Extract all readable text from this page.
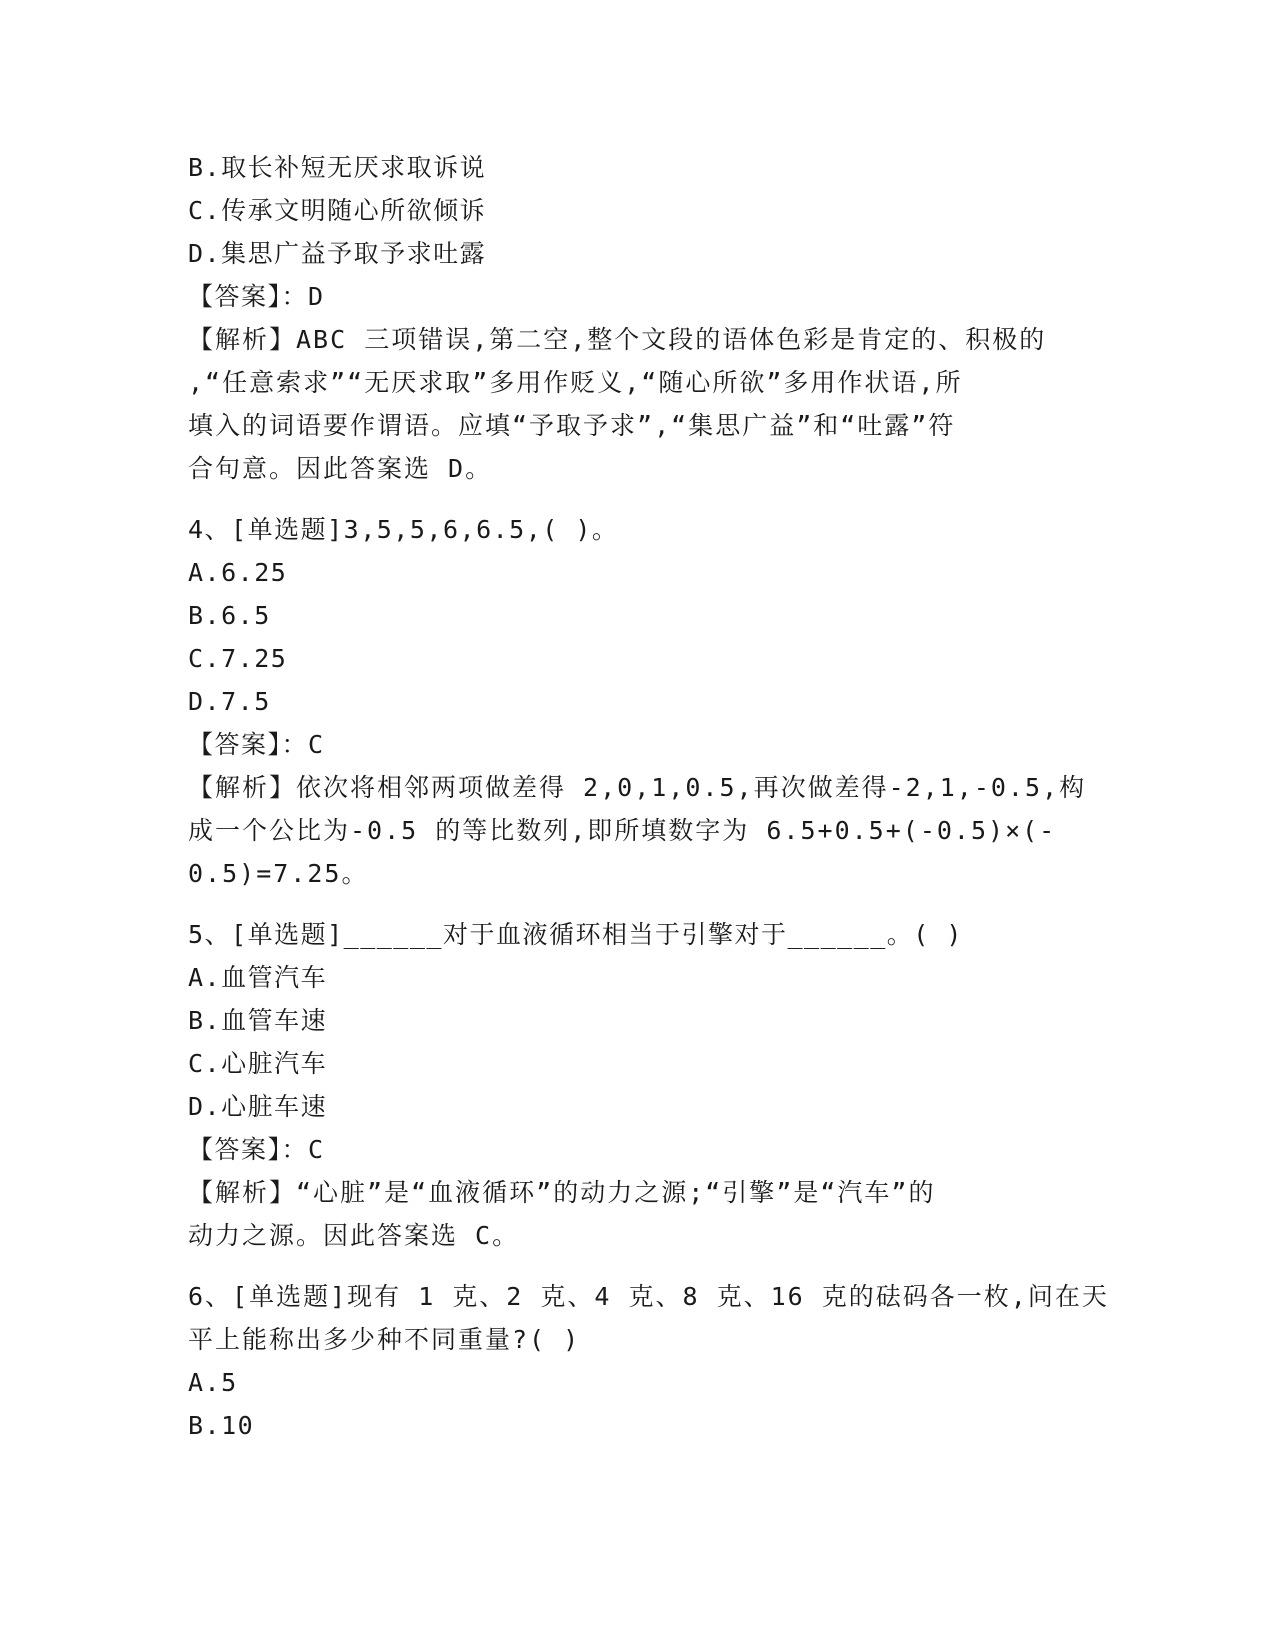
B.取长补短无厌求取诉说
C.传承文明随心所欲倾诉
D.集思广益予取予求吐露
【答案】：D
【解析】ABC 三项错误,第二空,整个文段的语体色彩是肯定的、积极的
,“任意索求”“无厌求取”多用作贬义,“随心所欲”多用作状语,所
填入的词语要作谓语。应填“予取予求”,“集思广益”和“吐露”符
合句意。因此答案选 D。
4、[单选题]3,5,5,6,6.5,( )。
A.6.25
B.6.5
C.7.25
D.7.5
【答案】：C
【解析】依次将相邻两项做差得 2,0,1,0.5,再次做差得-2,1,-0.5,构
成一个公比为-0.5 的等比数列,即所填数字为 6.5+0.5+(-0.5)×(-
0.5)=7.25。
5、[单选题]______对于血液循环相当于引擎对于______。( )
A.血管汽车
B.血管车速
C.心脏汽车
D.心脏车速
【答案】：C
【解析】“心脏”是“血液循环”的动力之源;“引擎”是“汽车”的
动力之源。因此答案选 C。
6、[单选题]现有 1 克、2 克、4 克、8 克、16 克的砝码各一枚,问在天
平上能称出多少种不同重量?( )
A.5
B.10
